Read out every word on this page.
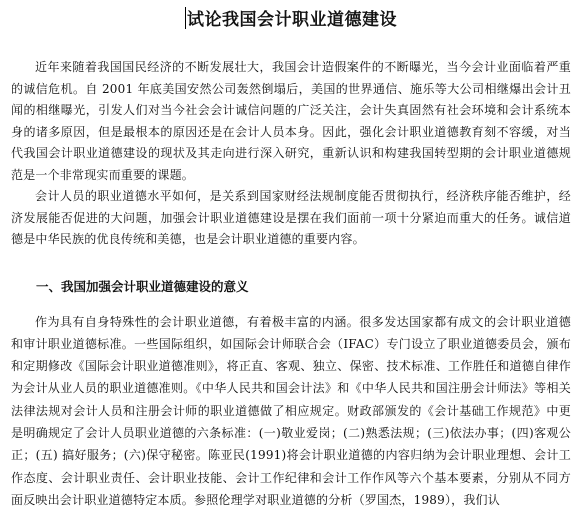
试论我国会计职业道德建设

近年来随着我国国民经济的不断发展壮大，我国会计造假案件的不断曝光，当今会计业面临着严重的诚信危机。自 2001 年底美国安然公司轰然倒塌后，美国的世界通信、施乐等大公司相继爆出会计丑闻的相继曝光，引发人们对当今社会会计诚信问题的广泛关注，会计失真固然有社会环境和会计系统本身的诸多原因，但是最根本的原因还是在会计人员本身。因此，强化会计职业道德教育刻不容缓，对当代我国会计职业道德建设的现状及其走向进行深入研究，重新认识和构建我国转型期的会计职业道德规范是一个非常现实而重要的课题。

会计人员的职业道德水平如何，是关系到国家财经法规制度能否贯彻执行，经济秩序能否维护，经济发展能否促进的大问题，加强会计职业道德建设是摆在我们面前一项十分紧迫而重大的任务。诚信道德是中华民族的优良传统和美德，也是会计职业道德的重要内容。

一、我国加强会计职业道德建设的意义

作为具有自身特殊性的会计职业道德，有着极丰富的内涵。很多发达国家都有成文的会计职业道德和审计职业道德标准。一些国际组织，如国际会计师联合会（IFAC）专门设立了职业道德委员会，颁布和定期修改《国际会计职业道德准则》，将正直、客观、独立、保密、技术标准、工作胜任和道德自律作为会计从业人员的职业道德准则。《中华人民共和国会计法》和《中华人民共和国注册会计师法》等相关法律法规对会计人员和注册会计师的职业道德做了相应规定。财政部颁发的《会计基础工作规范》中更是明确规定了会计人员职业道德的六条标准：(一)敬业爱岗；(二)熟悉法规；(三)依法办事；(四)客观公正；(五) 搞好服务；(六)保守秘密。陈亚民(1991)将会计职业道德的内容归纳为会计职业理想、会计工作态度、会计职业责任、会计职业技能、会计工作纪律和会计工作作风等六个基本要素，分别从不同方面反映出会计职业道德特定本质。参照伦理学对职业道德的分析（罗国杰，1989），我们认
